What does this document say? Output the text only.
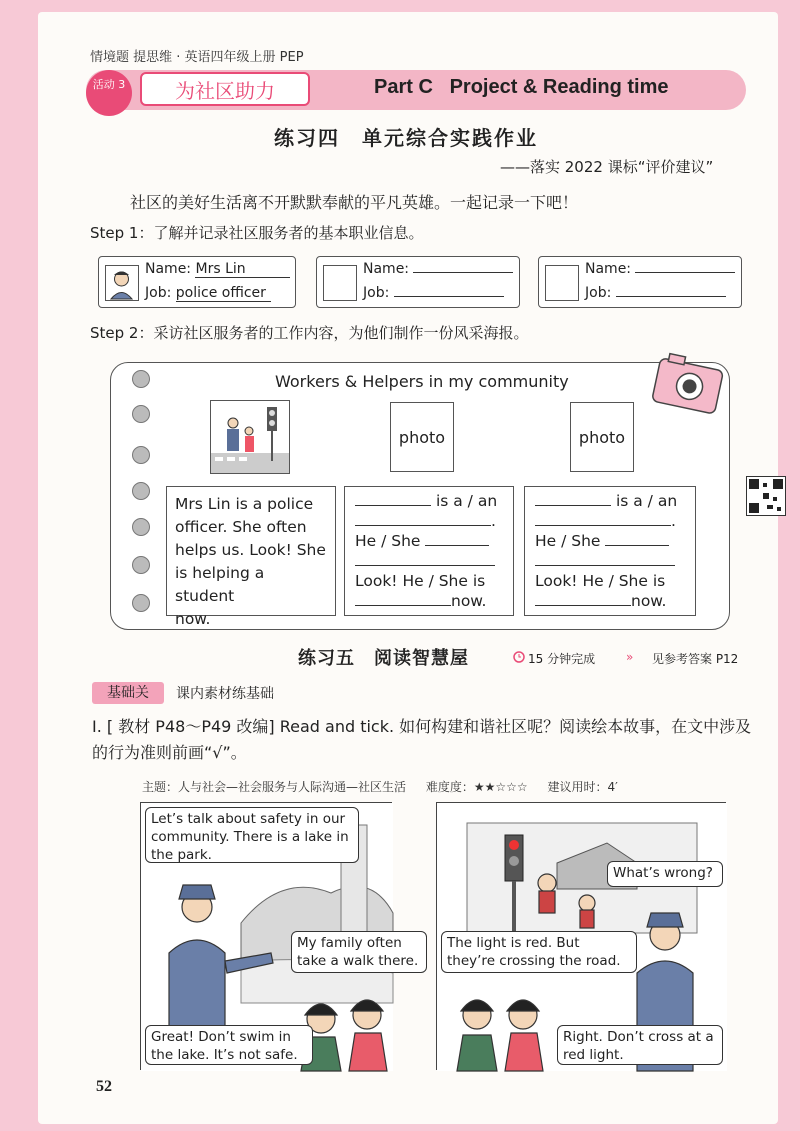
情境题 提思维 · 英语四年级上册 PEP
活动 3	为社区助力	Part C   Project & Reading time
练习四　单元综合实践作业
——落实 2022 课标“评价建议”
社区的美好生活离不开默默奉献的平凡英雄。一起记录一下吧！
Step 1：了解并记录社区服务者的基本职业信息。
Name: Mrs Lin
Job: police officer
Name:
Job:
Name:
Job:
Step 2：采访社区服务者的工作内容，为他们制作一份风采海报。
Workers & Helpers in my community
photo	photo
Mrs Lin is a police
officer. She often
helps us. Look! She
is helping a student
now.
is a / an
.
He / She
Look! He / She is
now.
is a / an
.
He / She
Look! He / She is
now.
练习五　阅读智慧屋	15 分钟完成	» 见参考答案 P12
基础关	课内素材练基础
Ⅰ. [ 教材 P48～P49 改编] Read and tick. 如何构建和谐社区呢？阅读绘本故事，在文中涉及的行为准则前画“√”。
主题：人与社会—社会服务与人际沟通—社区生活 难度度：★★☆☆☆ 建议用时：4′
Let’s talk about safety in our community. There is a lake in the park.
My family often take a walk there.
Great! Don’t swim in the lake. It’s not safe.
What’s wrong?
The light is red. But they’re crossing the road.
Right. Don’t cross at a red light.
52
